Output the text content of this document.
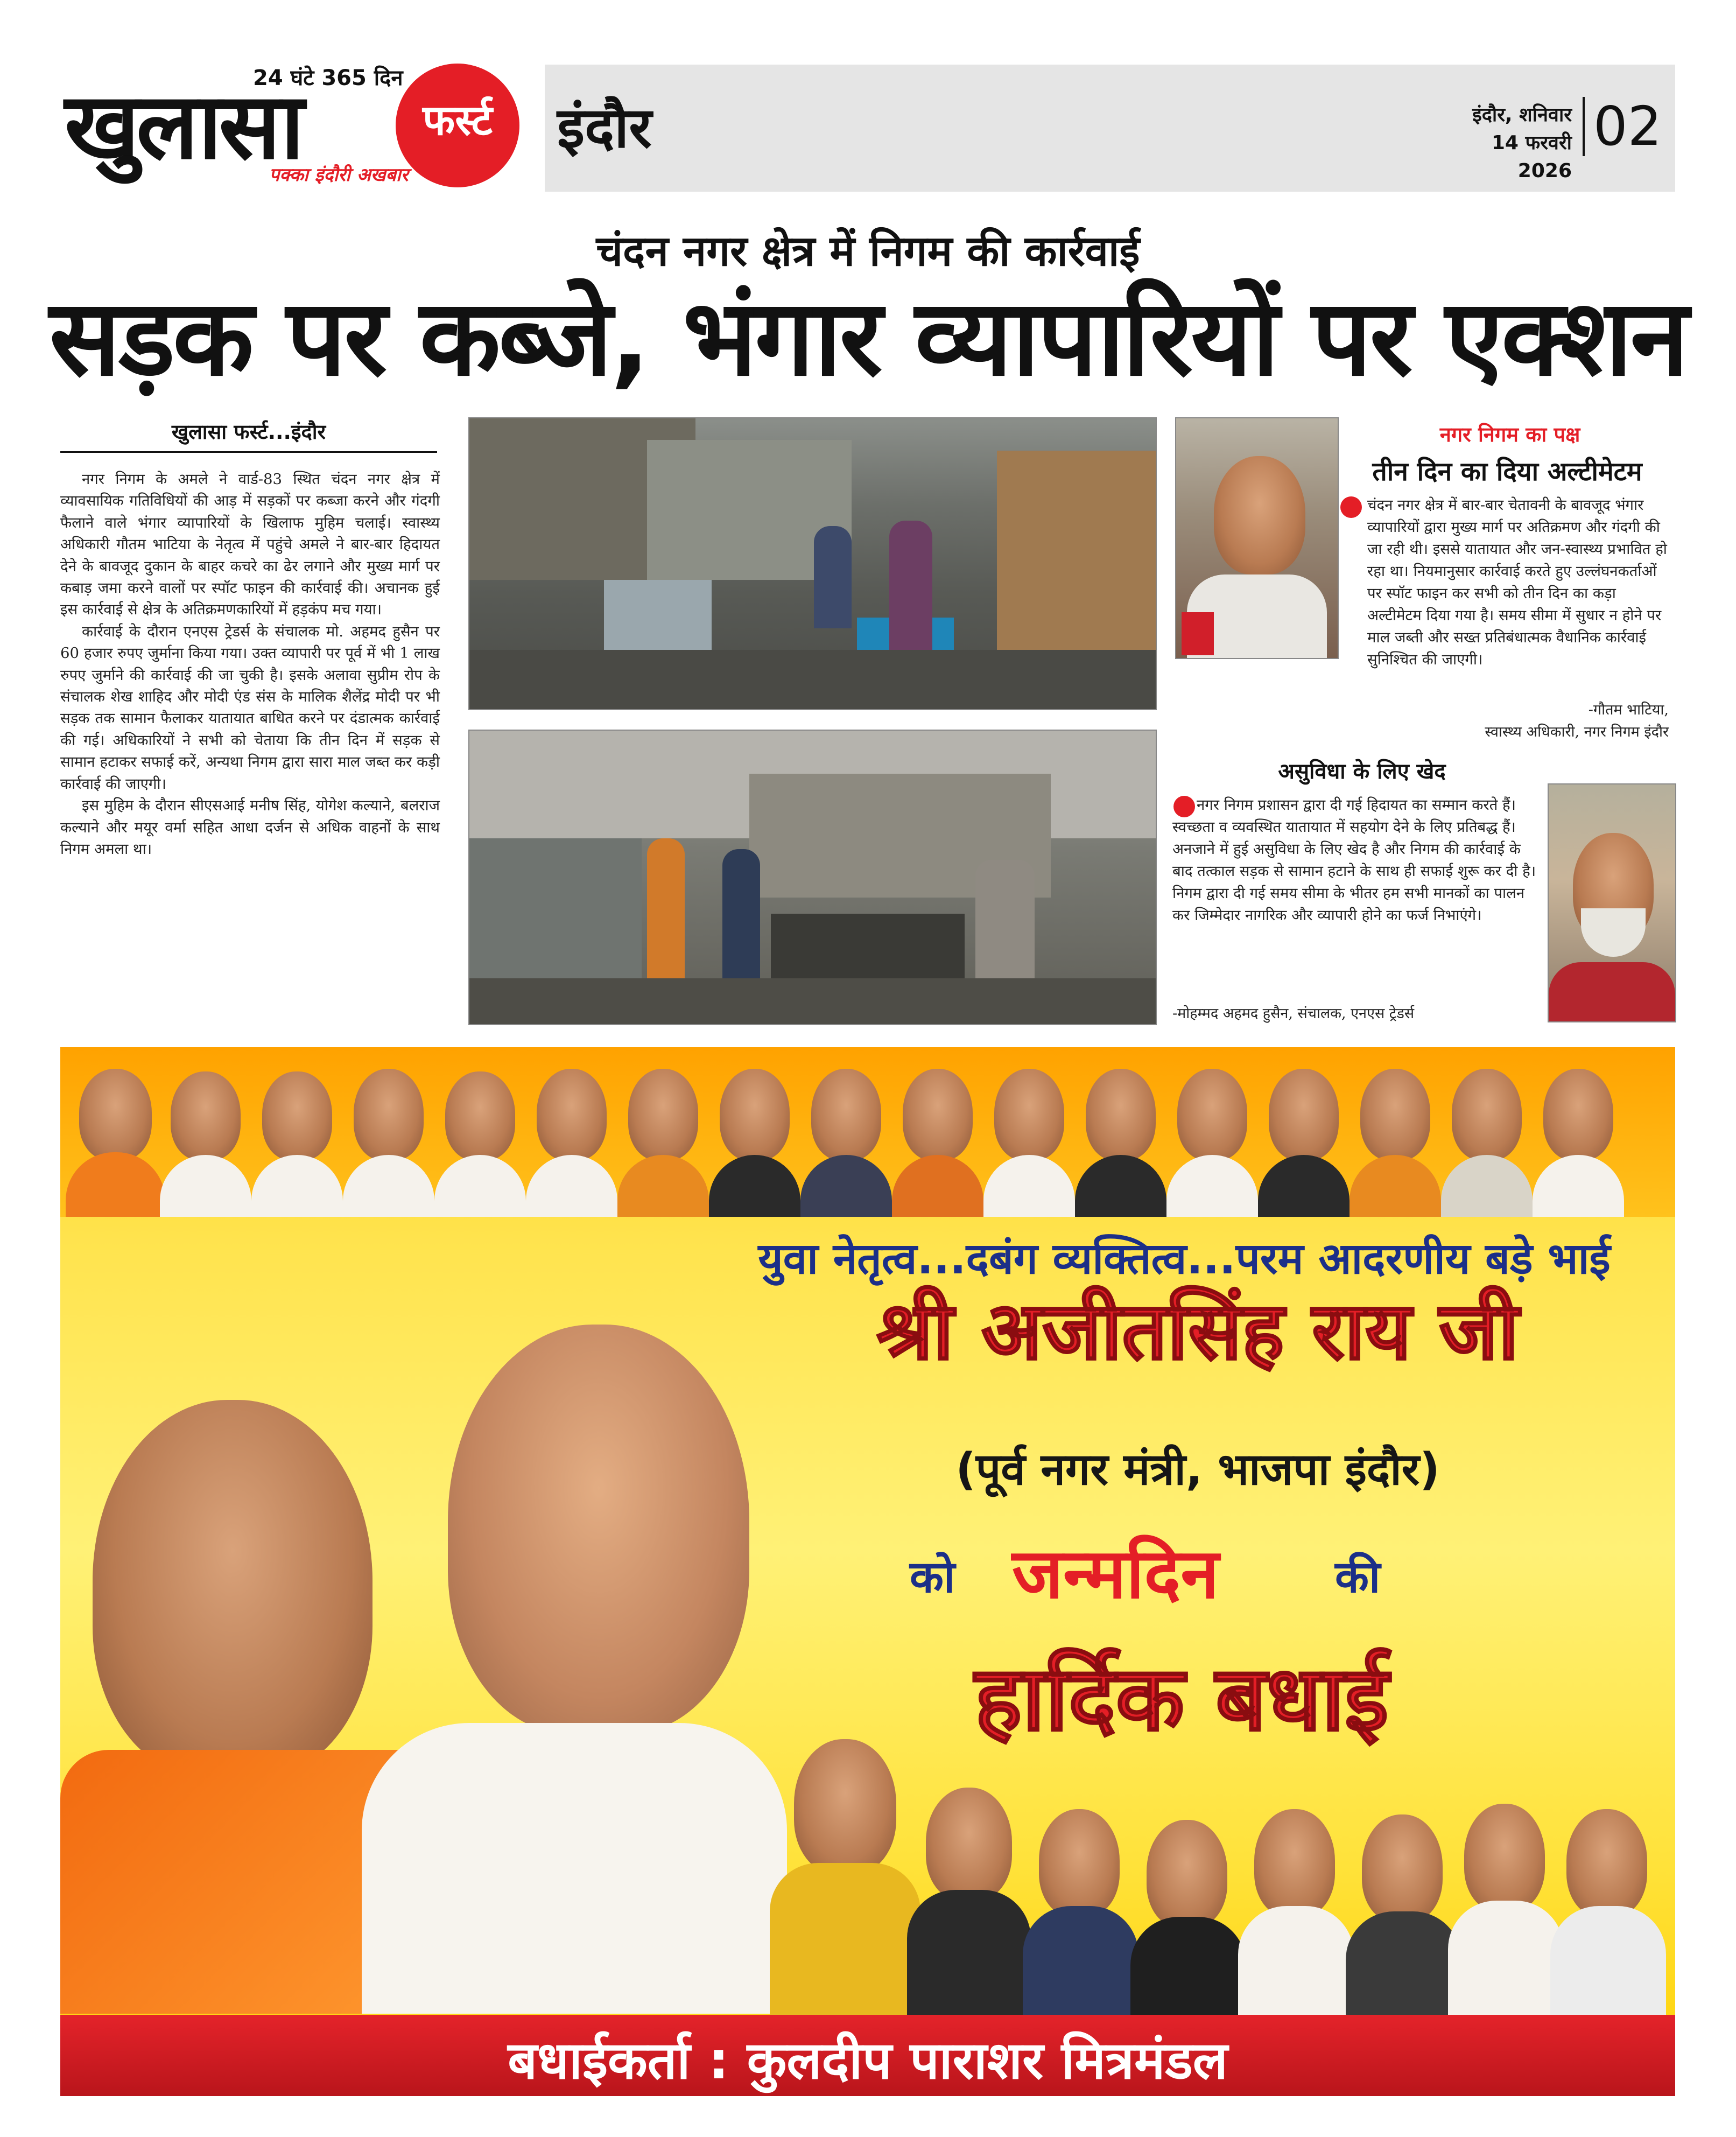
24 घंटे 365 दिन
खुलासा	फर्स्ट
पक्का इंदौरी अखबार
इंदौर	इंदौर, शनिवार
14 फरवरी 2026
02
चंदन नगर क्षेत्र में निगम की कार्रवाई
सड़क पर कब्जे, भंगार व्यापारियों पर एक्शन
खुलासा फर्स्ट...इंदौर

नगर निगम के अमले ने वार्ड-83 स्थित चंदन नगर क्षेत्र में व्यावसायिक गतिविधियों की आड़ में सड़कों पर कब्जा करने और गंदगी फैलाने वाले भंगार व्यापारियों के खिलाफ मुहिम चलाई। स्वास्थ्य अधिकारी गौतम भाटिया के नेतृत्व में पहुंचे अमले ने बार-बार हिदायत देने के बावजूद दुकान के बाहर कचरे का ढेर लगाने और मुख्य मार्ग पर कबाड़ जमा करने वालों पर स्पॉट फाइन की कार्रवाई की। अचानक हुई इस कार्रवाई से क्षेत्र के अतिक्रमणकारियों में हड़कंप मच गया।

कार्रवाई के दौरान एनएस ट्रेडर्स के संचालक मो. अहमद हुसैन पर 60 हजार रुपए जुर्माना किया गया। उक्त व्यापारी पर पूर्व में भी 1 लाख रुपए जुर्माने की कार्रवाई की जा चुकी है। इसके अलावा सुप्रीम रोप के संचालक शेख शाहिद और मोदी एंड संस के मालिक शैलेंद्र मोदी पर भी सड़क तक सामान फैलाकर यातायात बाधित करने पर दंडात्मक कार्रवाई की गई। अधिकारियों ने सभी को चेताया कि तीन दिन में सड़क से सामान हटाकर सफाई करें, अन्यथा निगम द्वारा सारा माल जब्त कर कड़ी कार्रवाई की जाएगी।

इस मुहिम के दौरान सीएसआई मनीष सिंह, योगेश कल्याने, बलराज कल्याने और मयूर वर्मा सहित आधा दर्जन से अधिक वाहनों के साथ निगम अमला था।

नगर निगम का पक्ष
तीन दिन का दिया अल्टीमेटम
चंदन नगर क्षेत्र में बार-बार चेतावनी के बावजूद भंगार व्यापारियों द्वारा मुख्य मार्ग पर अतिक्रमण और गंदगी की जा रही थी। इससे यातायात और जन-स्वास्थ्य प्रभावित हो रहा था। नियमानुसार कार्रवाई करते हुए उल्लंघनकर्ताओं पर स्पॉट फाइन कर सभी को तीन दिन का कड़ा अल्टीमेटम दिया गया है। समय सीमा में सुधार न होने पर माल जब्ती और सख्त प्रतिबंधात्मक वैधानिक कार्रवाई सुनिश्चित की जाएगी।
-गौतम भाटिया,
स्वास्थ्य अधिकारी, नगर निगम इंदौर
असुविधा के लिए खेद
नगर निगम प्रशासन द्वारा दी गई हिदायत का सम्मान करते हैं। स्वच्छता व व्यवस्थित यातायात में सहयोग देने के लिए प्रतिबद्ध हैं। अनजाने में हुई असुविधा के लिए खेद है और निगम की कार्रवाई के बाद तत्काल सड़क से सामान हटाने के साथ ही सफाई शुरू कर दी है। निगम द्वारा दी गई समय सीमा के भीतर हम सभी मानकों का पालन कर जिम्मेदार नागरिक और व्यापारी होने का फर्ज निभाएंगे।
-मोहम्मद अहमद हुसैन, संचालक, एनएस ट्रेडर्स
युवा नेतृत्व...दबंग व्यक्तित्व...परम आदरणीय बड़े भाई
श्री अजीतसिंह राय जी
(पूर्व नगर मंत्री, भाजपा इंदौर)
को जन्मदिन	की
हार्दिक बधाई
बधाईकर्ता : कुलदीप पाराशर मित्रमंडल
